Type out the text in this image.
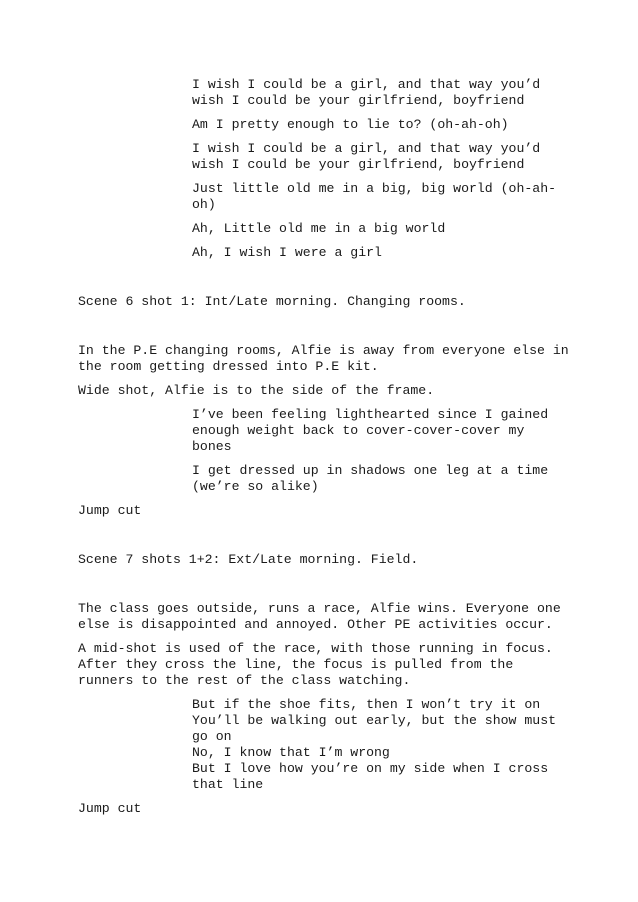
I wish I could be a girl, and that way you’d
wish I could be your girlfriend, boyfriend
Am I pretty enough to lie to? (oh-ah-oh)
I wish I could be a girl, and that way you’d
wish I could be your girlfriend, boyfriend
Just little old me in a big, big world (oh-ah-
oh)
Ah, Little old me in a big world
Ah, I wish I were a girl
Scene 6 shot 1: Int/Late morning. Changing rooms.
In the P.E changing rooms, Alfie is away from everyone else in
the room getting dressed into P.E kit.
Wide shot, Alfie is to the side of the frame.
I’ve been feeling lighthearted since I gained
enough weight back to cover-cover-cover my
bones
I get dressed up in shadows one leg at a time
(we’re so alike)
Jump cut
Scene 7 shots 1+2: Ext/Late morning. Field.
The class goes outside, runs a race, Alfie wins. Everyone one
else is disappointed and annoyed. Other PE activities occur.
A mid-shot is used of the race, with those running in focus.
After they cross the line, the focus is pulled from the
runners to the rest of the class watching.
But if the shoe fits, then I won’t try it on
You’ll be walking out early, but the show must
go on
No, I know that I’m wrong
But I love how you’re on my side when I cross
that line
Jump cut
